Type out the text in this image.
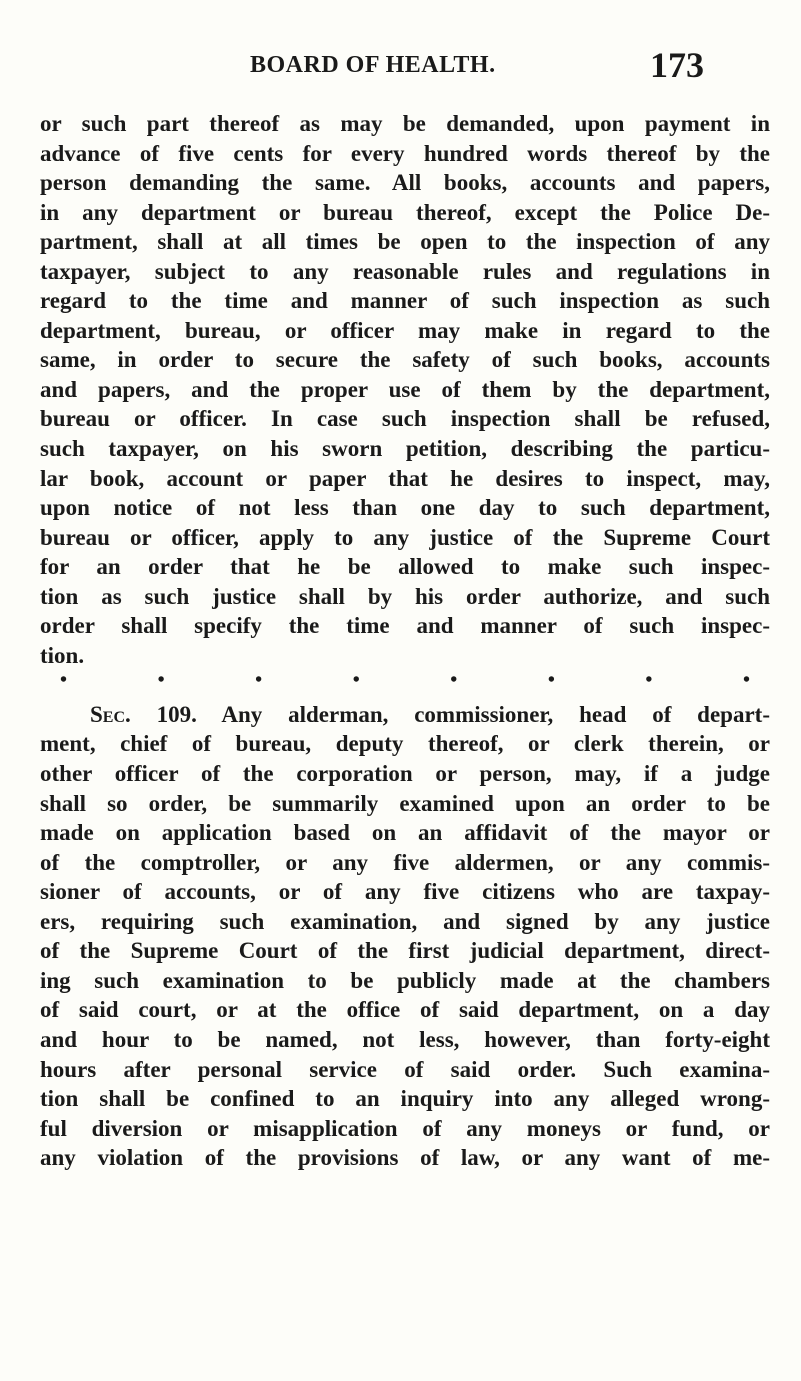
BOARD OF HEALTH.	173
or such part thereof as may be demanded, upon payment in
advance of five cents for every hundred words thereof by the
person demanding the same. All books, accounts and papers,
in any department or bureau thereof, except the Police De-
partment, shall at all times be open to the inspection of any
taxpayer, subject to any reasonable rules and regulations in
regard to the time and manner of such inspection as such
department, bureau, or officer may make in regard to the
same, in order to secure the safety of such books, accounts
and papers, and the proper use of them by the department,
bureau or officer. In case such inspection shall be refused,
such taxpayer, on his sworn petition, describing the particu-
lar book, account or paper that he desires to inspect, may,
upon notice of not less than one day to such department,
bureau or officer, apply to any justice of the Supreme Court
for an order that he be allowed to make such inspec-
tion as such justice shall by his order authorize, and such
order shall specify the time and manner of such inspec-
tion.
•	•	•	•	•	•	•	•
Sec. 109. Any alderman, commissioner, head of depart-
ment, chief of bureau, deputy thereof, or clerk therein, or
other officer of the corporation or person, may, if a judge
shall so order, be summarily examined upon an order to be
made on application based on an affidavit of the mayor or
of the comptroller, or any five aldermen, or any commis-
sioner of accounts, or of any five citizens who are taxpay-
ers, requiring such examination, and signed by any justice
of the Supreme Court of the first judicial department, direct-
ing such examination to be publicly made at the chambers
of said court, or at the office of said department, on a day
and hour to be named, not less, however, than forty-eight
hours after personal service of said order. Such examina-
tion shall be confined to an inquiry into any alleged wrong-
ful diversion or misapplication of any moneys or fund, or
any violation of the provisions of law, or any want of me-
